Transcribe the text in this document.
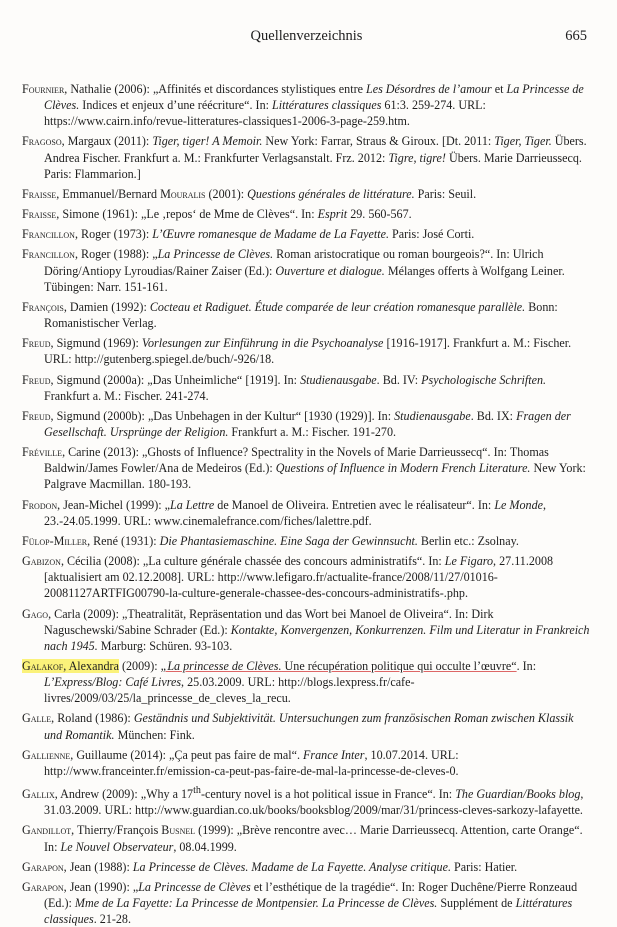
Quellenverzeichnis	665

Fournier, Nathalie (2006): „Affinités et discordances stylistiques entre Les Désordres de l’amour et La Princesse de Clèves. Indices et enjeux d’une réécriture“. In: Littératures classiques 61:3. 259-274. URL: https://www.cairn.info/revue-litteratures-classiques1-2006-3-page-259.htm.

Fragoso, Margaux (2011): Tiger, tiger! A Memoir. New York: Farrar, Straus & Giroux. [Dt. 2011: Tiger, Tiger. Übers. Andrea Fischer. Frankfurt a. M.: Frankfurter Verlagsanstalt. Frz. 2012: Tigre, tigre! Übers. Marie Darrieussecq. Paris: Flammarion.]

Fraisse, Emmanuel/Bernard Mouralis (2001): Questions générales de littérature. Paris: Seuil.

Fraisse, Simone (1961): „Le ‚repos‘ de Mme de Clèves“. In: Esprit 29. 560-567.

Francillon, Roger (1973): L’Œuvre romanesque de Madame de La Fayette. Paris: José Corti.

Francillon, Roger (1988): „La Princesse de Clèves. Roman aristocratique ou roman bourgeois?“. In: Ulrich Döring/Antiopy Lyroudias/Rainer Zaiser (Ed.): Ouverture et dialogue. Mélanges offerts à Wolfgang Leiner. Tübingen: Narr. 151-161.

François, Damien (1992): Cocteau et Radiguet. Étude comparée de leur création romanesque parallèle. Bonn: Romanistischer Verlag.

Freud, Sigmund (1969): Vorlesungen zur Einführung in die Psychoanalyse [1916-1917]. Frankfurt a. M.: Fischer. URL: http://gutenberg.spiegel.de/buch/-926/18.

Freud, Sigmund (2000a): „Das Unheimliche“ [1919]. In: Studienausgabe. Bd. IV: Psychologische Schriften. Frankfurt a. M.: Fischer. 241-274.

Freud, Sigmund (2000b): „Das Unbehagen in der Kultur“ [1930 (1929)]. In: Studienausgabe. Bd. IX: Fragen der Gesellschaft. Ursprünge der Religion. Frankfurt a. M.: Fischer. 191-270.

Fréville, Carine (2013): „Ghosts of Influence? Spectrality in the Novels of Marie Darrieussecq“. In: Thomas Baldwin/James Fowler/Ana de Medeiros (Ed.): Questions of Influence in Modern French Literature. New York: Palgrave Macmillan. 180-193.

Frodon, Jean-Michel (1999): „La Lettre de Manoel de Oliveira. Entretien avec le réalisateur“. In: Le Monde, 23.-24.05.1999. URL: www.cinemalefrance.com/fiches/lalettre.pdf.

Fülop-Miller, René (1931): Die Phantasiemaschine. Eine Saga der Gewinnsucht. Berlin etc.: Zsolnay.

Gabizon, Cécilia (2008): „La culture générale chassée des concours administratifs“. In: Le Figaro, 27.11.2008 [aktualisiert am 02.12.2008]. URL: http://www.lefigaro.fr/actualite-france/2008/11/27/01016-20081127ARTFIG00790-la-culture-generale-chassee-des-concours-administratifs-.php.

Gago, Carla (2009): „Theatralität, Repräsentation und das Wort bei Manoel de Oliveira“. In: Dirk Naguschewski/Sabine Schrader (Ed.): Kontakte, Konvergenzen, Konkurrenzen. Film und Literatur in Frankreich nach 1945. Marburg: Schüren. 93-103.

Galakof, Alexandra (2009): „La princesse de Clèves. Une récupération politique qui occulte l’œuvre“. In: L’Express/Blog: Café Livres, 25.03.2009. URL: http://blogs.lexpress.fr/cafe-livres/2009/03/25/la_princesse_de_cleves_la_recu.

Galle, Roland (1986): Geständnis und Subjektivität. Untersuchungen zum französischen Roman zwischen Klassik und Romantik. München: Fink.

Gallienne, Guillaume (2014): „Ça peut pas faire de mal“. France Inter, 10.07.2014. URL: http://www.franceinter.fr/emission-ca-peut-pas-faire-de-mal-la-princesse-de-cleves-0.

Gallix, Andrew (2009): „Why a 17th-century novel is a hot political issue in France“. In: The Guardian/Books blog, 31.03.2009. URL: http://www.guardian.co.uk/books/booksblog/2009/mar/31/princess-cleves-sarkozy-lafayette.

Gandillot, Thierry/François Busnel (1999): „Brève rencontre avec… Marie Darrieussecq. Attention, carte Orange“. In: Le Nouvel Observateur, 08.04.1999.

Garapon, Jean (1988): La Princesse de Clèves. Madame de La Fayette. Analyse critique. Paris: Hatier.

Garapon, Jean (1990): „La Princesse de Clèves et l’esthétique de la tragédie“. In: Roger Duchêne/Pierre Ronzeaud (Ed.): Mme de La Fayette: La Princesse de Montpensier. La Princesse de Clèves. Supplément de Littératures classiques. 21-28.
